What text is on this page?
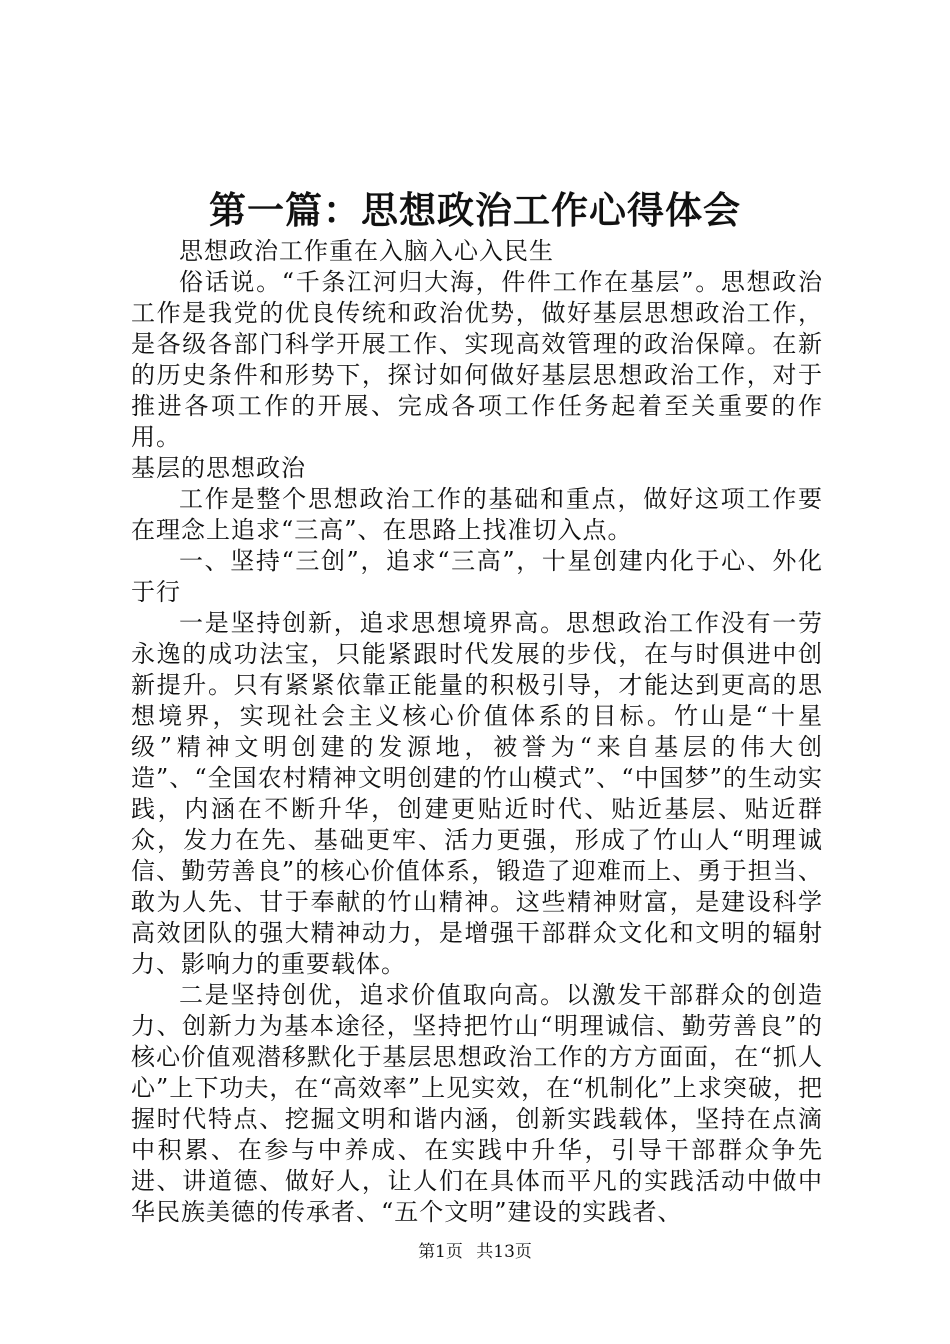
第一篇：思想政治工作心得体会

思想政治工作重在入脑入心入民生

俗话说。“千条江河归大海，件件工作在基层”。思想政治工作是我党的优良传统和政治优势，做好基层思想政治工作，是各级各部门科学开展工作、实现高效管理的政治保障。在新的历史条件和形势下，探讨如何做好基层思想政治工作，对于推进各项工作的开展、完成各项工作任务起着至关重要的作用。

基层的思想政治

工作是整个思想政治工作的基础和重点，做好这项工作要在理念上追求“三高”、在思路上找准切入点。

一、坚持“三创”，追求“三高”，十星创建内化于心、外化于行

一是坚持创新，追求思想境界高。思想政治工作没有一劳永逸的成功法宝，只能紧跟时代发展的步伐，在与时俱进中创新提升。只有紧紧依靠正能量的积极引导，才能达到更高的思想境界，实现社会主义核心价值体系的目标。竹山是“十星级”精神文明创建的发源地，被誉为“来自基层的伟大创造”、“全国农村精神文明创建的竹山模式”、“中国梦”的生动实践，内涵在不断升华，创建更贴近时代、贴近基层、贴近群众，发力在先、基础更牢、活力更强，形成了竹山人“明理诚信、勤劳善良”的核心价值体系，锻造了迎难而上、勇于担当、敢为人先、甘于奉献的竹山精神。这些精神财富，是建设科学高效团队的强大精神动力，是增强干部群众文化和文明的辐射力、影响力的重要载体。

二是坚持创优，追求价值取向高。以激发干部群众的创造力、创新力为基本途径，坚持把竹山“明理诚信、勤劳善良”的核心价值观潜移默化于基层思想政治工作的方方面面，在“抓人心”上下功夫，在“高效率”上见实效，在“机制化”上求突破，把握时代特点、挖掘文明和谐内涵，创新实践载体，坚持在点滴中积累、在参与中养成、在实践中升华，引导干部群众争先进、讲道德、做好人，让人们在具体而平凡的实践活动中做中华民族美德的传承者、“五个文明”建设的实践者、

第1页 共13页
